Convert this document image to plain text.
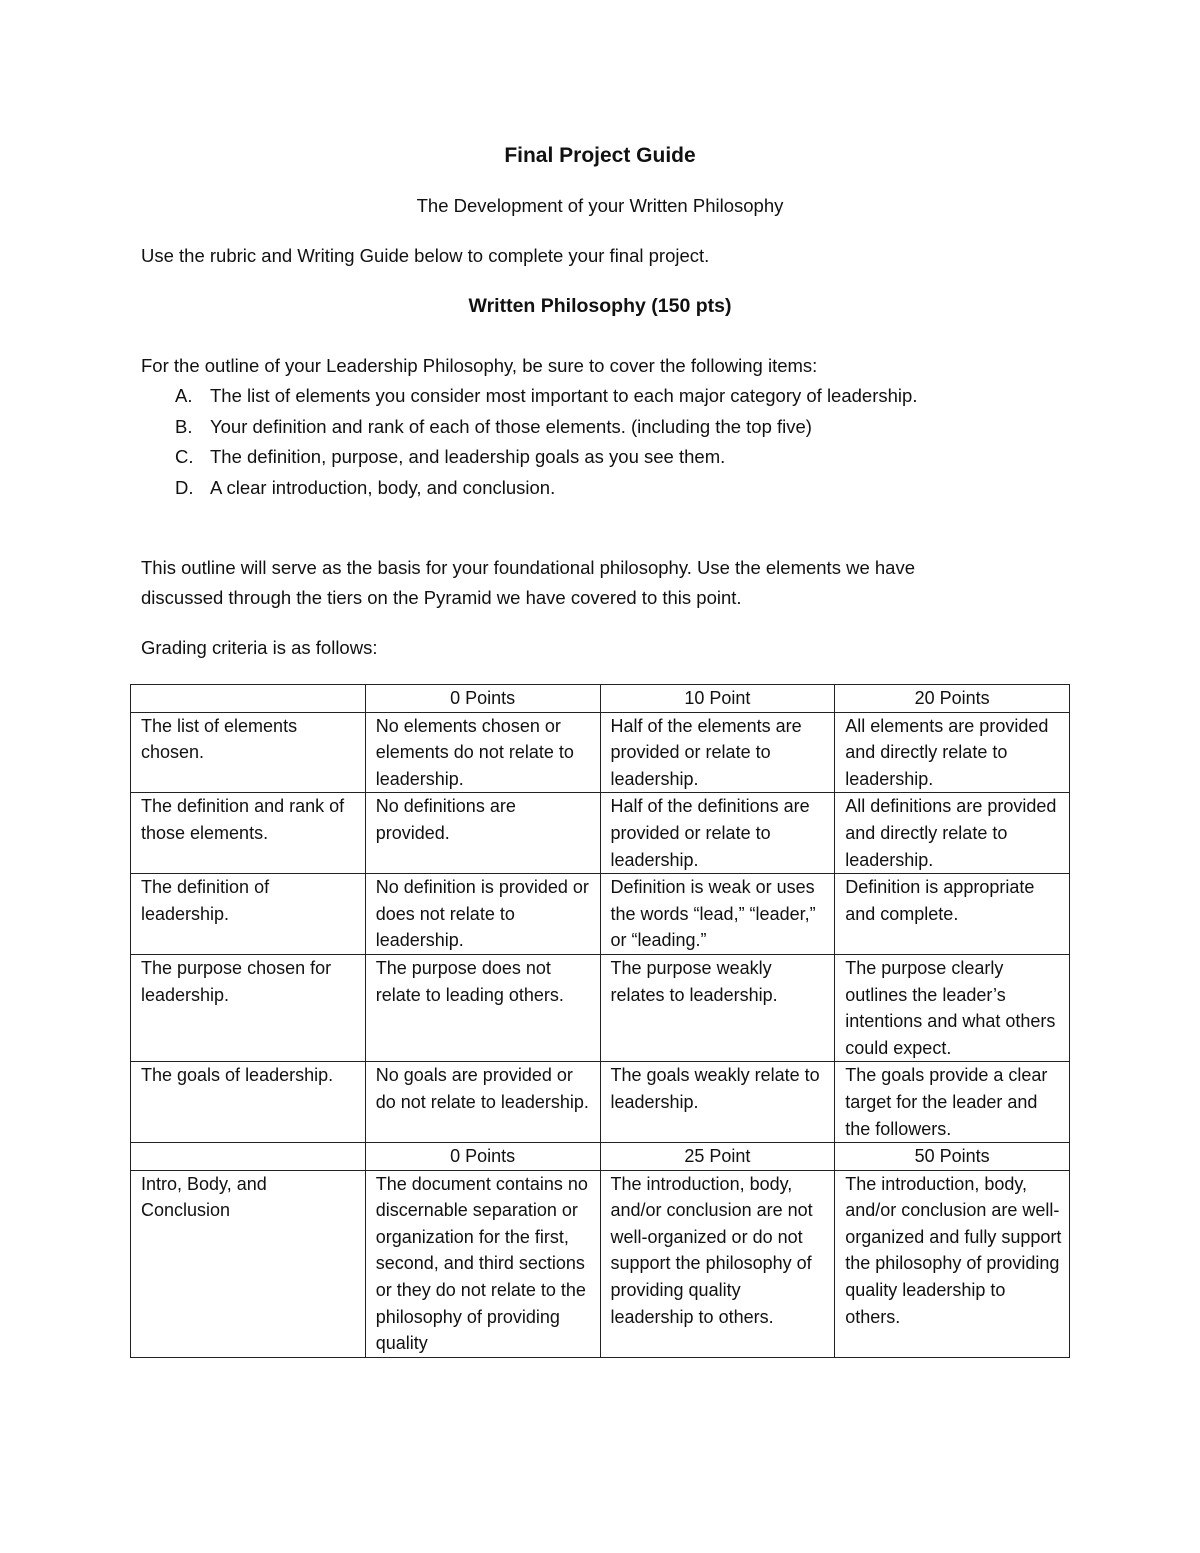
Final Project Guide
The Development of your Written Philosophy

Use the rubric and Writing Guide below to complete your final project.

Written Philosophy (150 pts)

For the outline of your Leadership Philosophy, be sure to cover the following items:

A. The list of elements you consider most important to each major category of leadership.
B. Your definition and rank of each of those elements. (including the top five)
C. The definition, purpose, and leadership goals as you see them.
D. A clear introduction, body, and conclusion.

This outline will serve as the basis for your foundational philosophy. Use the elements we have

discussed through the tiers on the Pyramid we have covered to this point.

Grading criteria is as follows:

	0 Points	10 Point	20 Points
The list of elements chosen.	No elements chosen or elements do not relate to leadership.	Half of the elements are provided or relate to leadership.	All elements are provided and directly relate to leadership.
The definition and rank of those elements.	No definitions are provided.	Half of the definitions are provided or relate to leadership.	All definitions are provided and directly relate to leadership.
The definition of leadership.	No definition is provided or does not relate to leadership.	Definition is weak or uses the words “lead,” “leader,” or “leading.”	Definition is appropriate and complete.
The purpose chosen for leadership.	The purpose does not relate to leading others.	The purpose weakly relates to leadership.	The purpose clearly outlines the leader’s intentions and what others could expect.
The goals of leadership.	No goals are provided or do not relate to leadership.	The goals weakly relate to leadership.	The goals provide a clear target for the leader and the followers.
	0 Points	25 Point	50 Points
Intro, Body, and Conclusion	The document contains no discernable separation or organization for the first, second, and third sections or they do not relate to the philosophy of providing quality	The introduction, body, and/or conclusion are not well-organized or do not support the philosophy of providing quality leadership to others.	The introduction, body, and/or conclusion are well-organized and fully support the philosophy of providing quality leadership to others.
